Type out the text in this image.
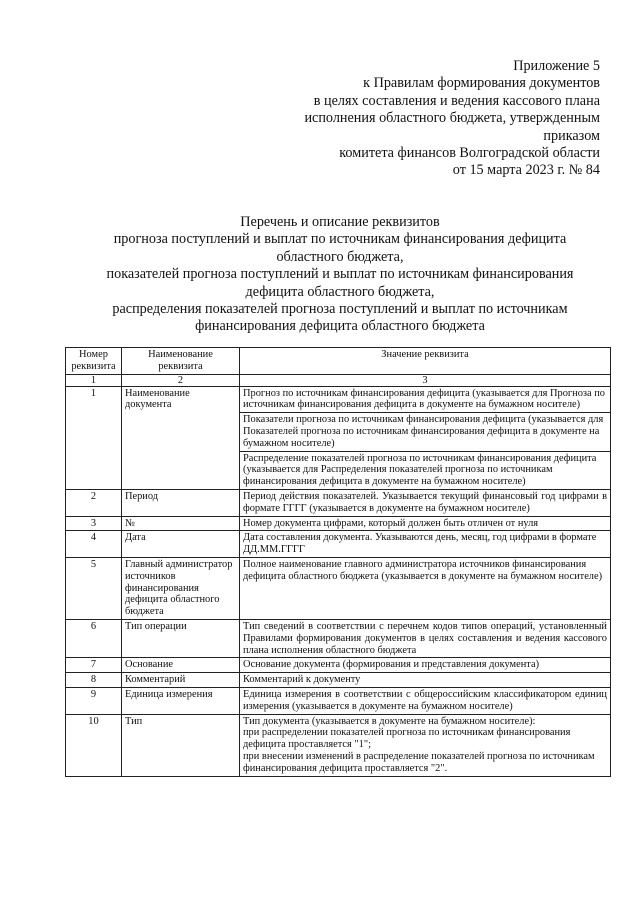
Приложение 5
к Правилам формирования документов
в целях составления и ведения кассового плана
исполнения областного бюджета, утвержденным
приказом
комитета финансов Волгоградской области
от 15 марта 2023 г. № 84
Перечень и описание реквизитов
прогноза поступлений и выплат по источникам финансирования дефицита
областного бюджета,
показателей прогноза поступлений и выплат по источникам финансирования
дефицита областного бюджета,
распределения показателей прогноза поступлений и выплат по источникам
финансирования дефицита областного бюджета
Номер реквизита	Наименование реквизита	Значение реквизита
1	2	3
1	Наименование документа	Прогноз по источникам финансирования дефицита (указывается для Прогноза по источникам финансирования дефицита в документе на бумажном носителе)
		Показатели прогноза по источникам финансирования дефицита (указывается для Показателей прогноза по источникам финансирования дефицита в документе на бумажном носителе)
		Распределение показателей прогноза по источникам финансирования дефицита (указывается для Распределения показателей прогноза по источникам финансирования дефицита в документе на бумажном носителе)
2	Период	Период действия показателей. Указывается текущий финансовый год цифрами в формате ГГГГ (указывается в документе на бумажном носителе)
3	№	Номер документа цифрами, который должен быть отличен от нуля
4	Дата	Дата составления документа. Указываются день, месяц, год цифрами в формате ДД.ММ.ГГГГ
5	Главный администратор источников финансирования дефицита областного бюджета	Полное наименование главного администратора источников финансирования дефицита областного бюджета (указывается в документе на бумажном носителе)
6	Тип операции	Тип сведений в соответствии с перечнем кодов типов операций, установленный Правилами формирования документов в целях составления и ведения кассового плана исполнения областного бюджета
7	Основание	Основание документа (формирования и представления документа)
8	Комментарий	Комментарий к документу
9	Единица измерения	Единица измерения в соответствии с общероссийским классификатором единиц измерения (указывается в документе на бумажном носителе)
10	Тип	Тип документа (указывается в документе на бумажном носителе):
при распределении показателей прогноза по источникам финансирования дефицита проставляется "1";
при внесении изменений в распределение показателей прогноза по источникам финансирования дефицита проставляется "2".
